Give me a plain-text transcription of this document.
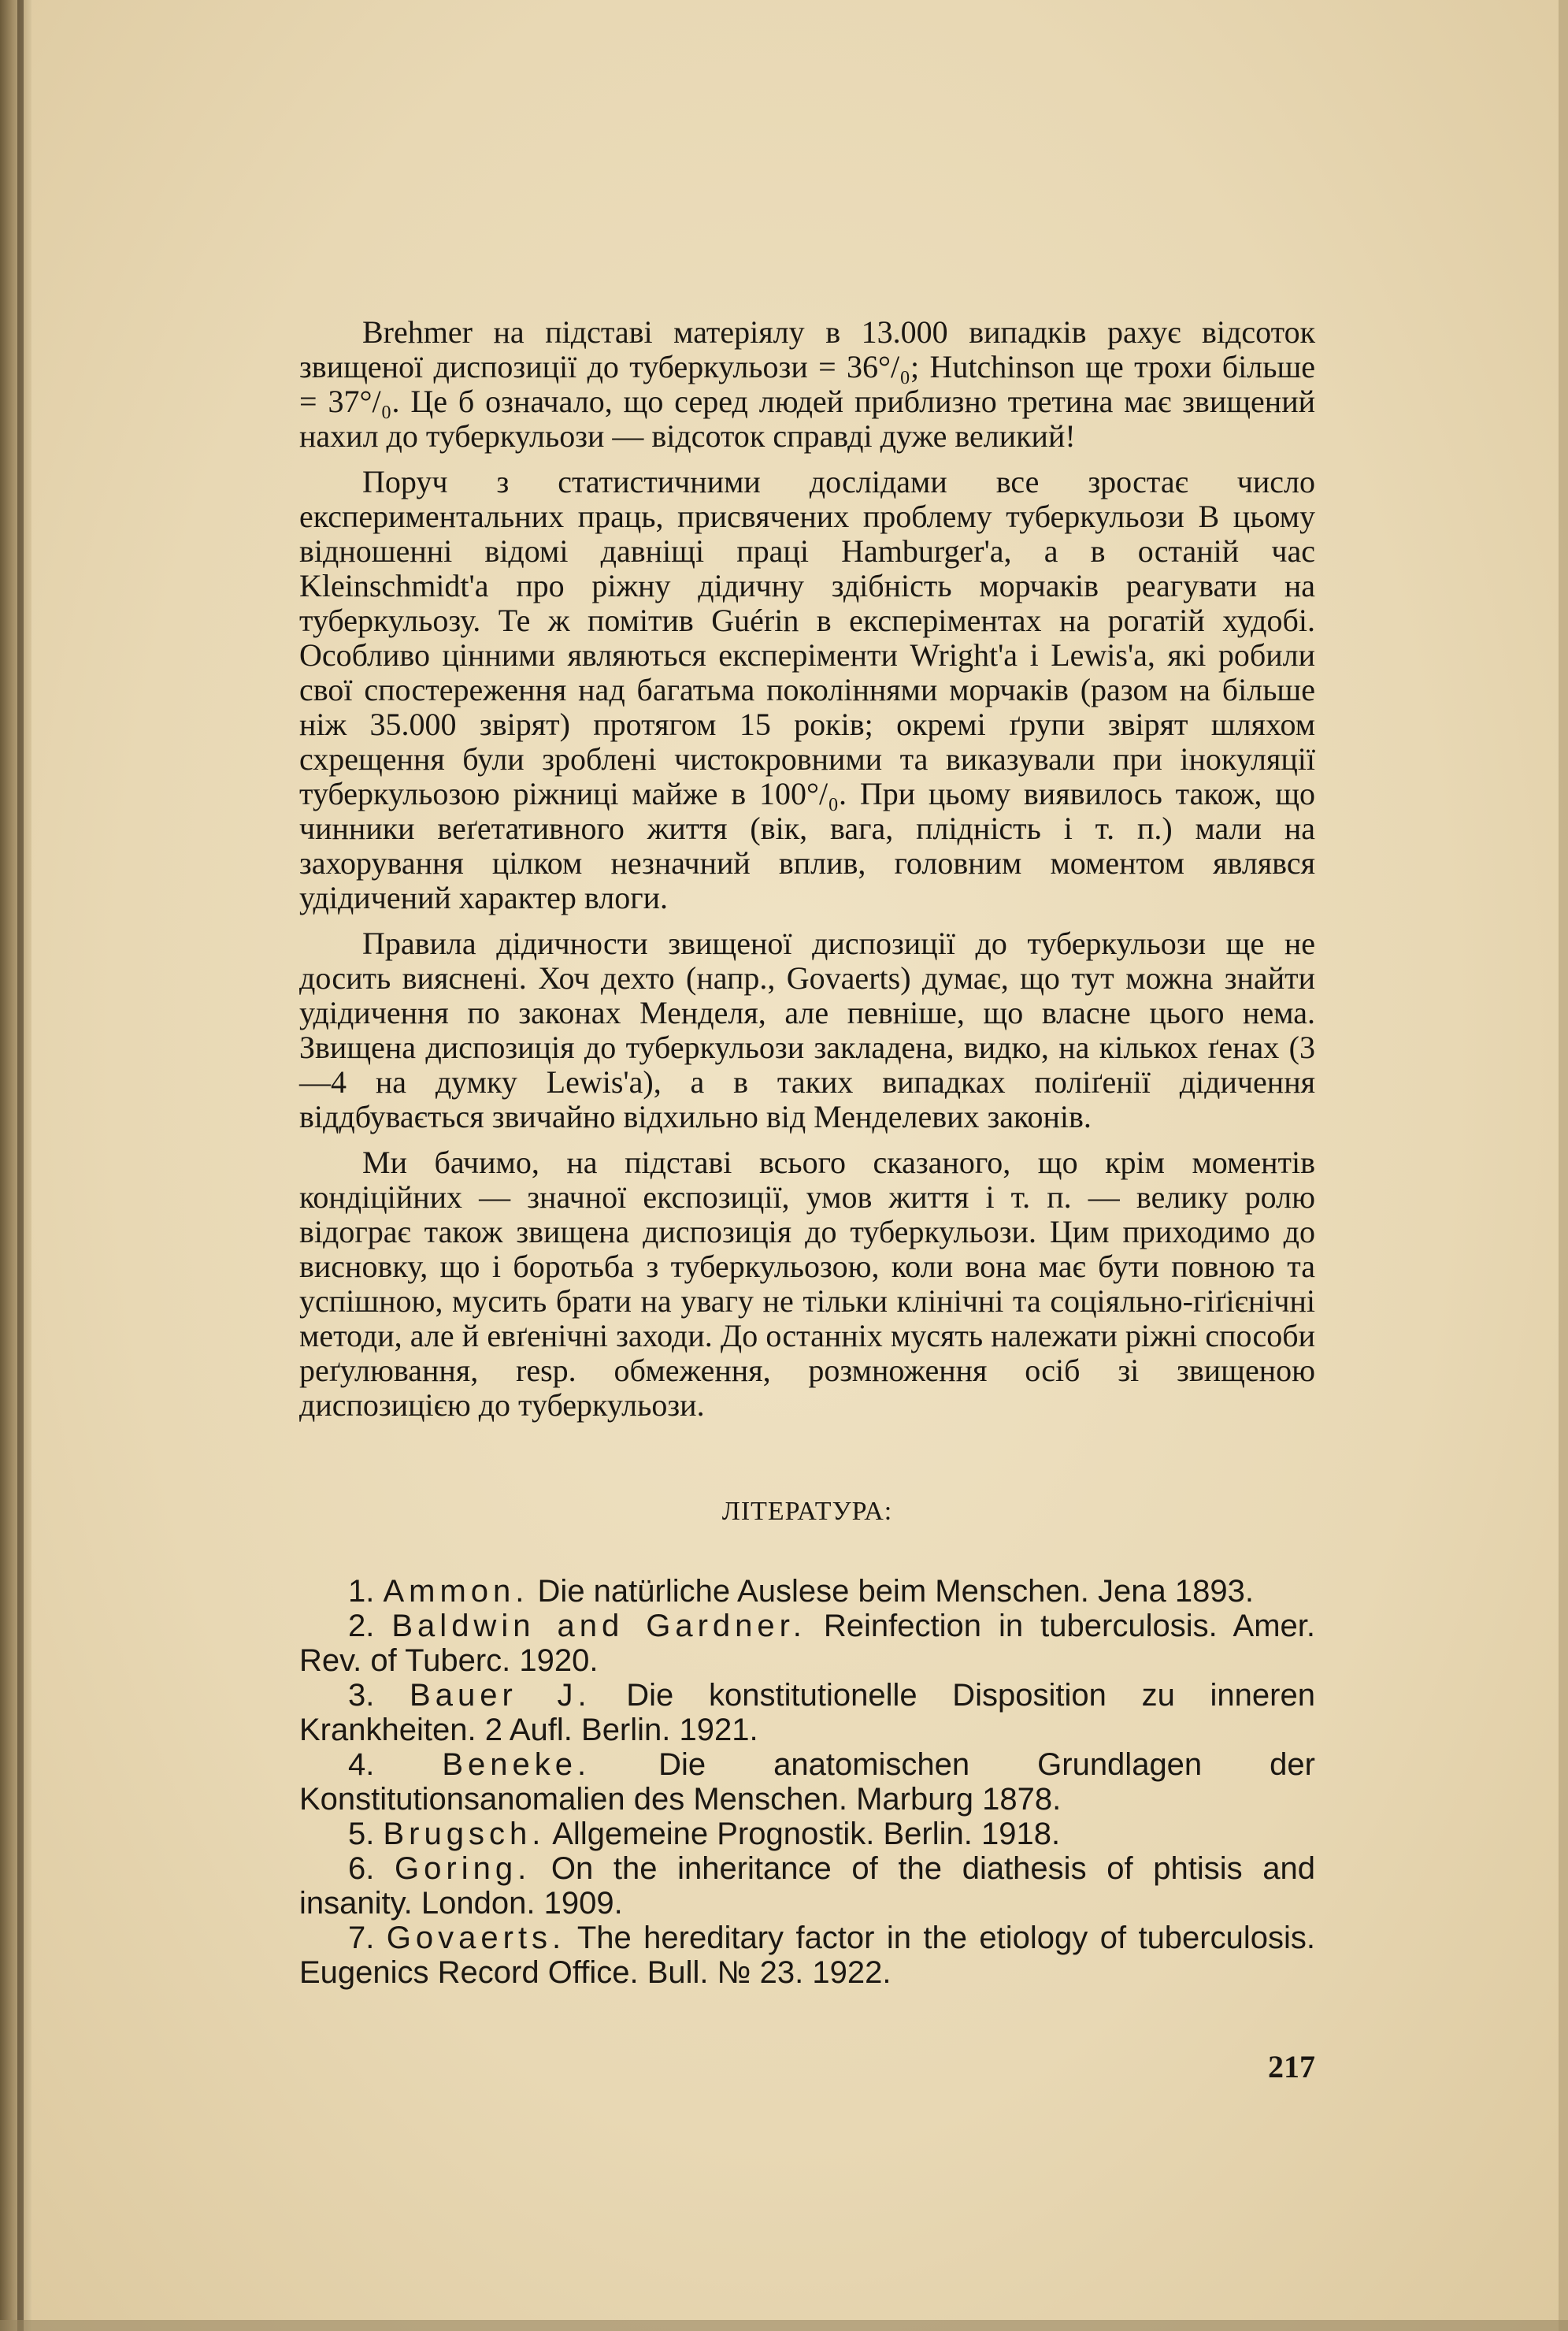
Brehmer на підставі матеріялу в 13.000 випадків рахує відсоток звищеної диспозиції до туберкульози = 36°/₀; Hutchinson ще трохи більше = 37°/₀. Це б означало, що серед людей приблизно третина має звищений нахил до туберкульози — відсоток справді дуже великий!

Поруч з статистичними дослідами все зростає число експериментальних праць, присвячених проблему туберкульози В цьому відношенні відомі давніщі праці Hamburger'a, а в останій час Kleinschmidt'a про ріжну дідичну здібність морчаків реагувати на туберкульозу. Те ж помітив Guérin в експеріментах на рогатій худобі. Особливо цінними являються експеріменти Wright'a і Lewis'a, які робили свої спостереження над багатьма поколіннями морчаків (разом на більше ніж 35.000 звірят) протягом 15 років; окремі ґрупи звірят шляхом схрещення були зроблені чистокровними та виказували при інокуляції туберкульозою ріжниці майже в 100°/₀. При цьому виявилось також, що чинники веґетативного життя (вік, вага, плідність і т. п.) мали на захорування цілком незначний вплив, головним моментом являвся удідичений характер влоги.

Правила дідичности звищеної диспозиції до туберкульози ще не досить вияснені. Хоч дехто (напр., Govaerts) думає, що тут можна знайти удідичення по законах Менделя, але певніше, що власне цього нема. Звищена диспозиція до туберкульози закладена, видко, на кількох ґенах (3—4 на думку Lewis'a), а в таких випадках поліґенії дідичення віддбувається звичайно відхильно від Менделевих законів.

Ми бачимо, на підставі всього сказаного, що крім моментів кондіційних — значної експозиції, умов життя і т. п. — велику ролю відограє також звищена диспозиція до туберкульози. Цим приходимо до висновку, що і боротьба з туберкульозою, коли вона має бути повною та успішною, мусить брати на увагу не тільки клінічні та соціяльно-гіґієнічні методи, але й евґенічні заходи. До останніх мусять належати ріжні способи реґулювання, resp. обмеження, розмноження осіб зі звищеною диспозицією до туберкульози.

ЛІТЕРАТУРА:
1. Ammon. Die natürliche Auslese beim Menschen. Jena 1893.
2. Baldwin and Gardner. Reinfection in tuberculosis. Amer. Rev. of Tuberc. 1920.
3. Bauer J. Die konstitutionelle Disposition zu inneren Krankheiten. 2 Aufl. Berlin. 1921.
4. Beneke. Die anatomischen Grundlagen der Konstitutionsanomalien des Menschen. Marburg 1878.
5. Brugsch. Allgemeine Prognostik. Berlin. 1918.
6. Goring. On the inheritance of the diathesis of phtisis and insanity. London. 1909.
7. Govaerts. The hereditary factor in the etiology of tuberculosis. Eugenics Record Office. Bull. № 23. 1922.
217
